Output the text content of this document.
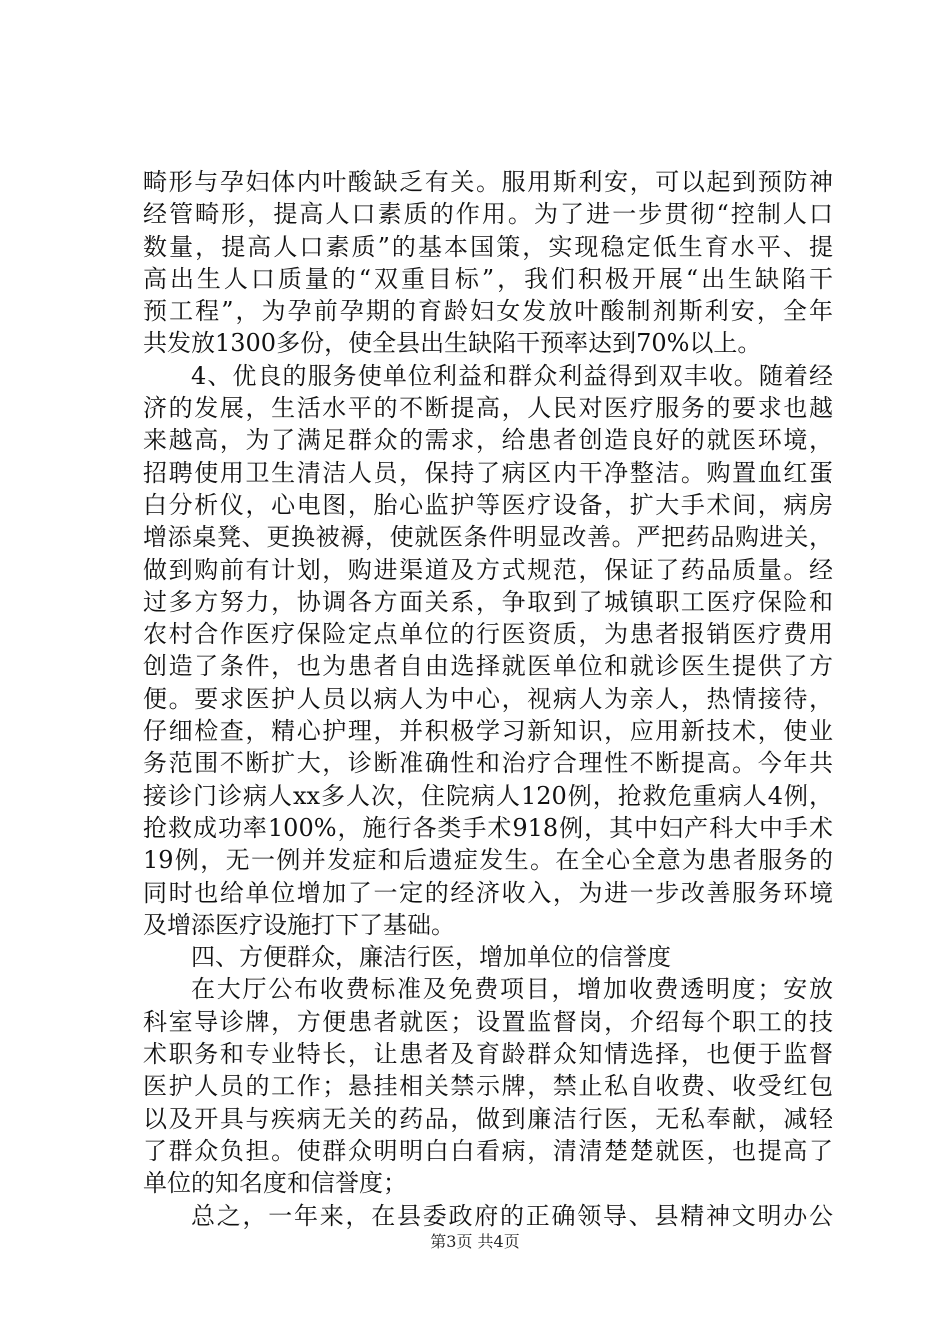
畸形与孕妇体内叶酸缺乏有关。服用斯利安，可以起到预防神
经管畸形，提高人口素质的作用。为了进一步贯彻“控制人口
数量，提高人口素质”的基本国策，实现稳定低生育水平、提
高出生人口质量的“双重目标”，我们积极开展“出生缺陷干
预工程”，为孕前孕期的育龄妇女发放叶酸制剂斯利安，全年
共发放1300多份，使全县出生缺陷干预率达到70%以上。
4、优良的服务使单位利益和群众利益得到双丰收。随着经
济的发展，生活水平的不断提高，人民对医疗服务的要求也越
来越高，为了满足群众的需求，给患者创造良好的就医环境，
招聘使用卫生清洁人员，保持了病区内干净整洁。购置血红蛋
白分析仪，心电图，胎心监护等医疗设备，扩大手术间，病房
增添桌凳、更换被褥，使就医条件明显改善。严把药品购进关，
做到购前有计划，购进渠道及方式规范，保证了药品质量。经
过多方努力，协调各方面关系，争取到了城镇职工医疗保险和
农村合作医疗保险定点单位的行医资质，为患者报销医疗费用
创造了条件，也为患者自由选择就医单位和就诊医生提供了方
便。要求医护人员以病人为中心，视病人为亲人，热情接待，
仔细检查，精心护理，并积极学习新知识，应用新技术，使业
务范围不断扩大，诊断准确性和治疗合理性不断提高。今年共
接诊门诊病人xx多人次，住院病人120例，抢救危重病人4例，
抢救成功率100%，施行各类手术918例，其中妇产科大中手术
19例，无一例并发症和后遗症发生。在全心全意为患者服务的
同时也给单位增加了一定的经济收入，为进一步改善服务环境
及增添医疗设施打下了基础。
四、方便群众，廉洁行医，增加单位的信誉度
在大厅公布收费标准及免费项目，增加收费透明度；安放
科室导诊牌，方便患者就医；设置监督岗，介绍每个职工的技
术职务和专业特长，让患者及育龄群众知情选择，也便于监督
医护人员的工作；悬挂相关禁示牌，禁止私自收费、收受红包
以及开具与疾病无关的药品，做到廉洁行医，无私奉献，减轻
了群众负担。使群众明明白白看病，清清楚楚就医，也提高了
单位的知名度和信誉度；
总之，一年来，在县委政府的正确领导、县精神文明办公
第3页 共4页
